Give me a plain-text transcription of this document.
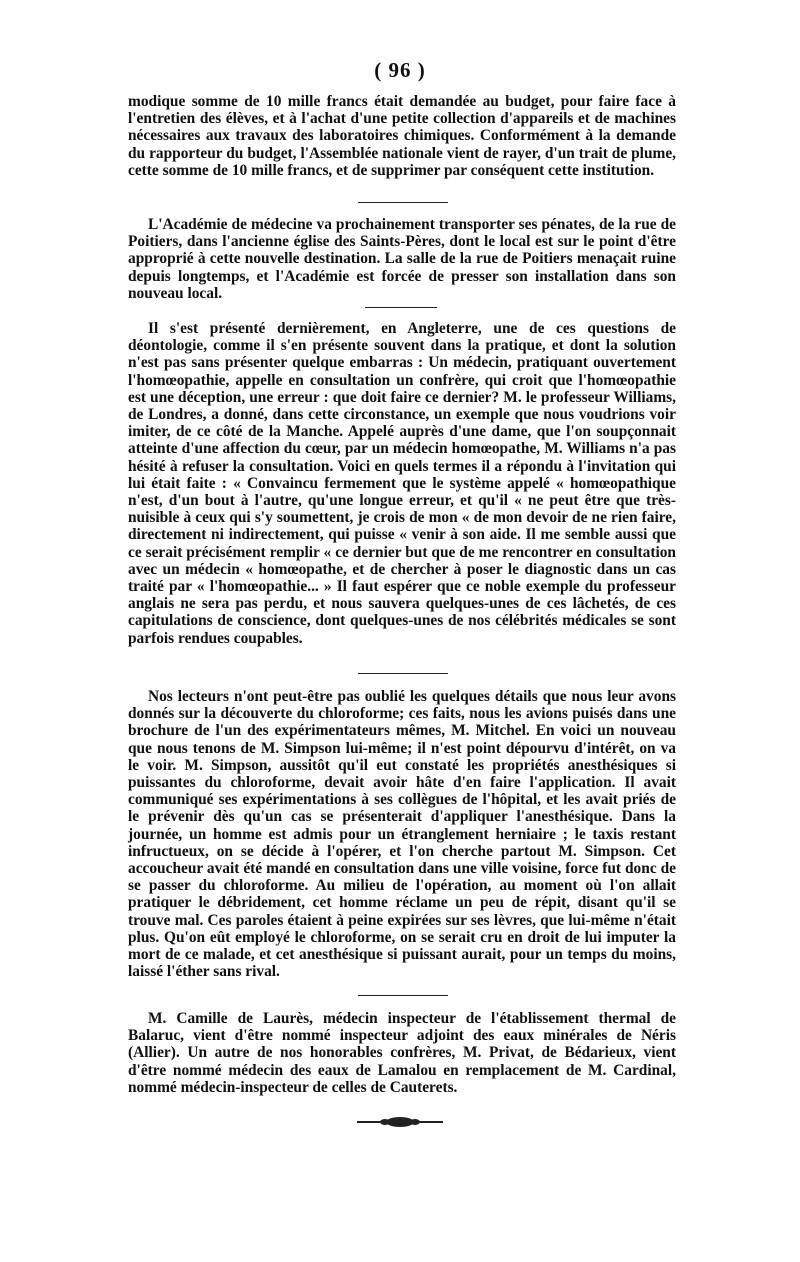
( 96 )

modique somme de 10 mille francs était demandée au budget, pour faire face à l'entretien des élèves, et à l'achat d'une petite collection d'appareils et de machines nécessaires aux travaux des laboratoires chimiques. Conformément à la demande du rapporteur du budget, l'Assemblée nationale vient de rayer, d'un trait de plume, cette somme de 10 mille francs, et de supprimer par conséquent cette institution.

L'Académie de médecine va prochainement transporter ses pénates, de la rue de Poitiers, dans l'ancienne église des Saints-Pères, dont le local est sur le point d'être approprié à cette nouvelle destination. La salle de la rue de Poitiers menaçait ruine depuis longtemps, et l'Académie est forcée de presser son installation dans son nouveau local.

Il s'est présenté dernièrement, en Angleterre, une de ces questions de déontologie, comme il s'en présente souvent dans la pratique, et dont la solution n'est pas sans présenter quelque embarras : Un médecin, pratiquant ouvertement l'homœopathie, appelle en consultation un confrère, qui croit que l'homœopathie est une déception, une erreur : que doit faire ce dernier? M. le professeur Williams, de Londres, a donné, dans cette circonstance, un exemple que nous voudrions voir imiter, de ce côté de la Manche. Appelé auprès d'une dame, que l'on soupçonnait atteinte d'une affection du cœur, par un médecin homœopathe, M. Williams n'a pas hésité à refuser la consultation. Voici en quels termes il a répondu à l'invitation qui lui était faite : « Convaincu fermement que le système appelé « homœopathique n'est, d'un bout à l'autre, qu'une longue erreur, et qu'il « ne peut être que très-nuisible à ceux qui s'y soumettent, je crois de mon « de mon devoir de ne rien faire, directement ni indirectement, qui puisse « venir à son aide. Il me semble aussi que ce serait précisément remplir « ce dernier but que de me rencontrer en consultation avec un médecin « homœopathe, et de chercher à poser le diagnostic dans un cas traité par « l'homœopathie... » Il faut espérer que ce noble exemple du professeur anglais ne sera pas perdu, et nous sauvera quelques-unes de ces lâchetés, de ces capitulations de conscience, dont quelques-unes de nos célébrités médicales se sont parfois rendues coupables.

Nos lecteurs n'ont peut-être pas oublié les quelques détails que nous leur avons donnés sur la découverte du chloroforme; ces faits, nous les avions puisés dans une brochure de l'un des expérimentateurs mêmes, M. Mitchel. En voici un nouveau que nous tenons de M. Simpson lui-même; il n'est point dépourvu d'intérêt, on va le voir. M. Simpson, aussitôt qu'il eut constaté les propriétés anesthésiques si puissantes du chloroforme, devait avoir hâte d'en faire l'application. Il avait communiqué ses expérimentations à ses collègues de l'hôpital, et les avait priés de le prévenir dès qu'un cas se présenterait d'appliquer l'anesthésique. Dans la journée, un homme est admis pour un étranglement herniaire ; le taxis restant infructueux, on se décide à l'opérer, et l'on cherche partout M. Simpson. Cet accoucheur avait été mandé en consultation dans une ville voisine, force fut donc de se passer du chloroforme. Au milieu de l'opération, au moment où l'on allait pratiquer le débridement, cet homme réclame un peu de répit, disant qu'il se trouve mal. Ces paroles étaient à peine expirées sur ses lèvres, que lui-même n'était plus. Qu'on eût employé le chloroforme, on se serait cru en droit de lui imputer la mort de ce malade, et cet anesthésique si puissant aurait, pour un temps du moins, laissé l'éther sans rival.

M. Camille de Laurès, médecin inspecteur de l'établissement thermal de Balaruc, vient d'être nommé inspecteur adjoint des eaux minérales de Néris (Allier). Un autre de nos honorables confrères, M. Privat, de Bédarieux, vient d'être nommé médecin des eaux de Lamalou en remplacement de M. Cardinal, nommé médecin-inspecteur de celles de Cauterets.
